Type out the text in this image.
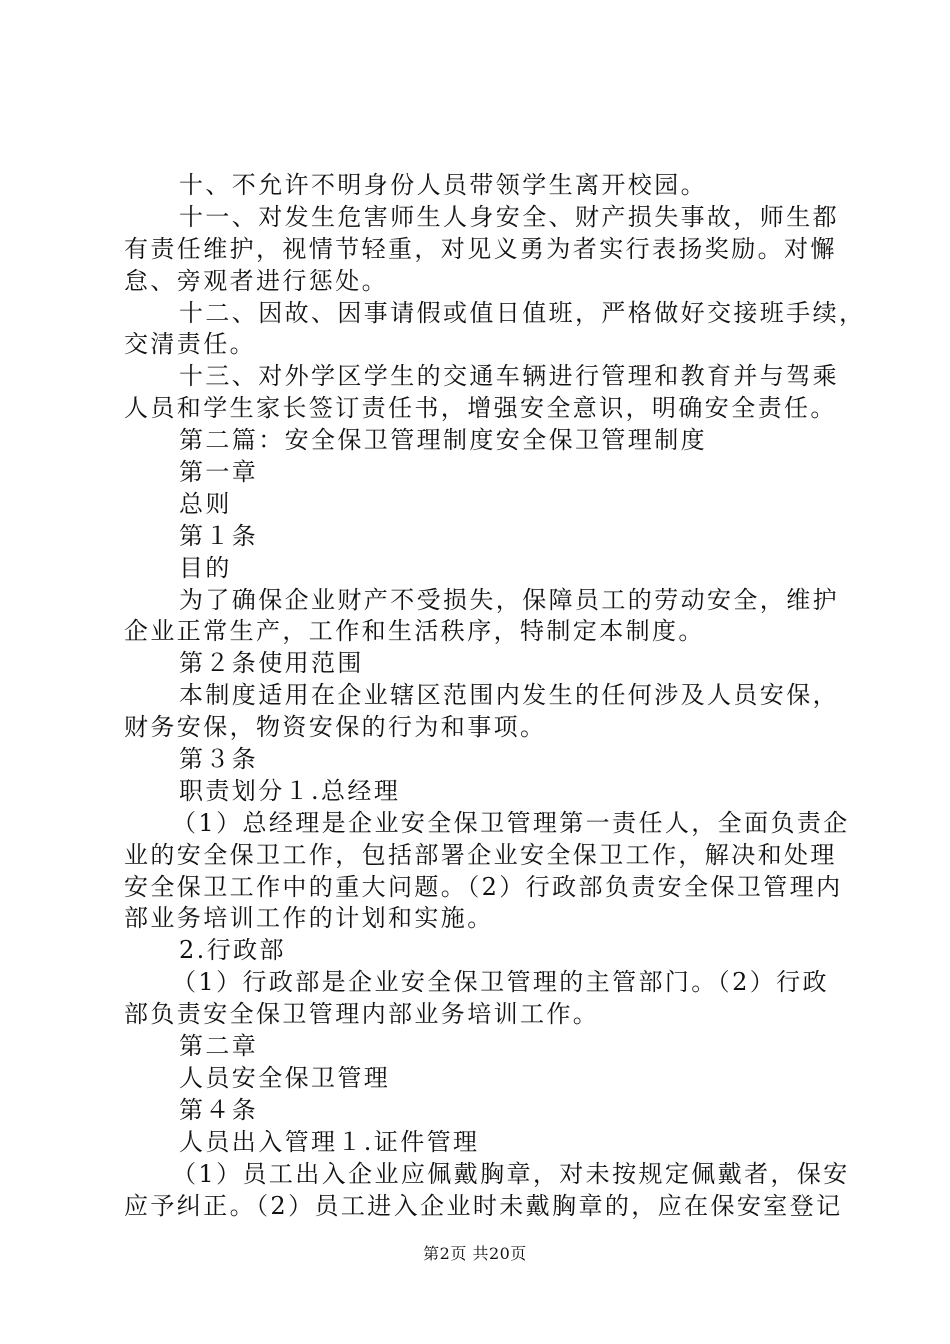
十、不允许不明身份人员带领学生离开校园。
十一、对发生危害师生人身安全、财产损失事故，师生都
有责任维护，视情节轻重，对见义勇为者实行表扬奖励。对懈
怠、旁观者进行惩处。
十二、因故、因事请假或值日值班，严格做好交接班手续，
交清责任。
十三、对外学区学生的交通车辆进行管理和教育并与驾乘
人员和学生家长签订责任书，增强安全意识，明确安全责任。
第二篇：安全保卫管理制度安全保卫管理制度
第一章
总则
第１条
目的
为了确保企业财产不受损失，保障员工的劳动安全，维护
企业正常生产，工作和生活秩序，特制定本制度。
第２条使用范围
本制度适用在企业辖区范围内发生的任何涉及人员安保，
财务安保，物资安保的行为和事项。
第３条
职责划分１.总经理
（1）总经理是企业安全保卫管理第一责任人，全面负责企
业的安全保卫工作，包括部署企业安全保卫工作，解决和处理
安全保卫工作中的重大问题。（2）行政部负责安全保卫管理内
部业务培训工作的计划和实施。
2.行政部
（1）行政部是企业安全保卫管理的主管部门。（2）行政
部负责安全保卫管理内部业务培训工作。
第二章
人员安全保卫管理
第４条
人员出入管理１.证件管理
（1）员工出入企业应佩戴胸章，对未按规定佩戴者，保安
应予纠正。（2）员工进入企业时未戴胸章的，应在保安室登记
第2页 共20页
